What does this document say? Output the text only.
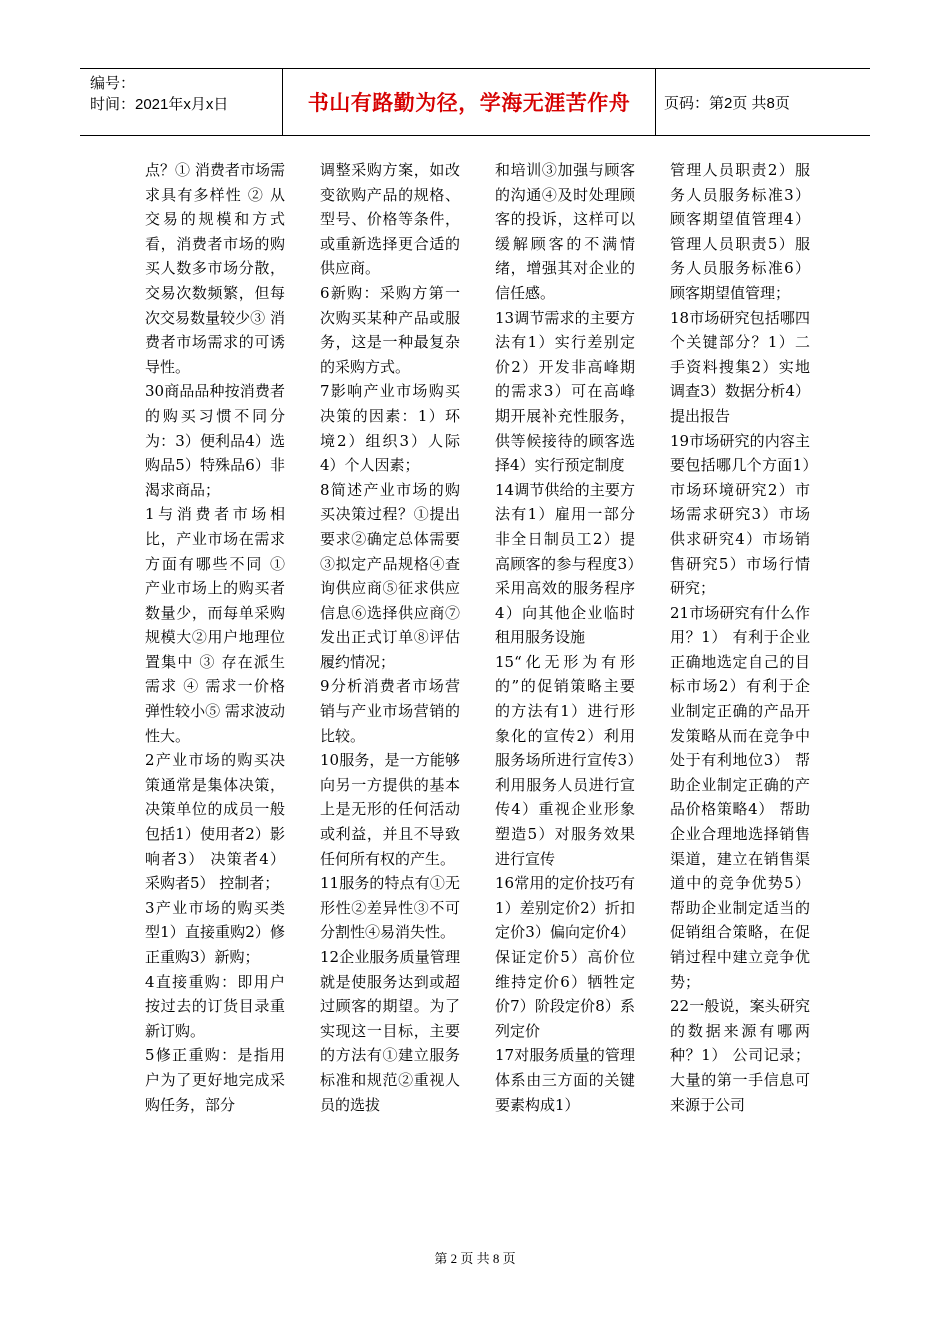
编号：
时间：2021年x月x日	书山有路勤为径，学海无涯苦作舟 页码：第2页 共8页

点？① 消费者市场需求具有多样性 ② 从交易的规模和方式看，消费者市场的购买人数多市场分散，交易次数频繁，但每次交易数量较少③ 消费者市场需求的可诱导性。

30商品品种按消费者的购买习惯不同分为：3）便利品4）选购品5）特殊品6）非渴求商品；

1与消费者市场相比，产业市场在需求方面有哪些不同 ① 产业市场上的购买者数量少，而每单采购规模大②用户地理位置集中 ③ 存在派生需求 ④ 需求一价格弹性较小⑤ 需求波动性大。

2产业市场的购买决策通常是集体决策，决策单位的成员一般包括1）使用者2）影响者3） 决策者4） 采购者5） 控制者；

3产业市场的购买类型1）直接重购2）修正重购3）新购；

4直接重购：即用户按过去的订货目录重新订购。

5修正重购：是指用户为了更好地完成采购任务，部分

调整采购方案，如改变欲购产品的规格、型号、价格等条件，或重新选择更合适的供应商。

6新购：采购方第一次购买某种产品或服务，这是一种最复杂的采购方式。

7影响产业市场购买决策的因素：1）环境2）组织3）人际4）个人因素；

8简述产业市场的购买决策过程？①提出要求②确定总体需要③拟定产品规格④查询供应商⑤征求供应信息⑥选择供应商⑦发出正式订单⑧评估履约情况；

9分析消费者市场营销与产业市场营销的比较。

10服务，是一方能够向另一方提供的基本上是无形的任何活动或利益，并且不导致任何所有权的产生。

11服务的特点有①无形性②差异性③不可分割性④易消失性。

12企业服务质量管理就是使服务达到或超过顾客的期望。为了实现这一目标，主要的方法有①建立服务标准和规范②重视人员的选拔

和培训③加强与顾客的沟通④及时处理顾客的投诉，这样可以缓解顾客的不满情绪，增强其对企业的信任感。

13调节需求的主要方法有1）实行差别定价2）开发非高峰期的需求3）可在高峰期开展补充性服务，供等候接待的顾客选择4）实行预定制度

14调节供给的主要方法有1）雇用一部分非全日制员工2）提高顾客的参与程度3）采用高效的服务程序4）向其他企业临时租用服务设施

15“化无形为有形的”的促销策略主要的方法有1）进行形象化的宣传2）利用服务场所进行宣传3）利用服务人员进行宣传4）重视企业形象塑造5）对服务效果进行宣传

16常用的定价技巧有1）差别定价2）折扣定价3）偏向定价4）保证定价5）高价位维持定价6）牺牲定价7）阶段定价8）系列定价

17对服务质量的管理体系由三方面的关键要素构成1）

管理人员职责2）服务人员服务标准3）顾客期望值管理4）管理人员职责5）服务人员服务标准6）顾客期望值管理；

18市场研究包括哪四个关键部分？1）二手资料搜集2）实地调查3）数据分析4）提出报告

19市场研究的内容主要包括哪几个方面1）市场环境研究2）市场需求研究3）市场供求研究4）市场销售研究5）市场行情研究；

21市场研究有什么作用？1） 有利于企业正确地选定自己的目标市场2）有利于企业制定正确的产品开发策略从而在竞争中处于有利地位3） 帮助企业制定正确的产品价格策略4） 帮助企业合理地选择销售渠道，建立在销售渠道中的竞争优势5） 帮助企业制定适当的促销组合策略，在促销过程中建立竞争优势；

22一般说，案头研究的数据来源有哪两种？1） 公司记录；大量的第一手信息可来源于公司

第 2 页 共 8 页
